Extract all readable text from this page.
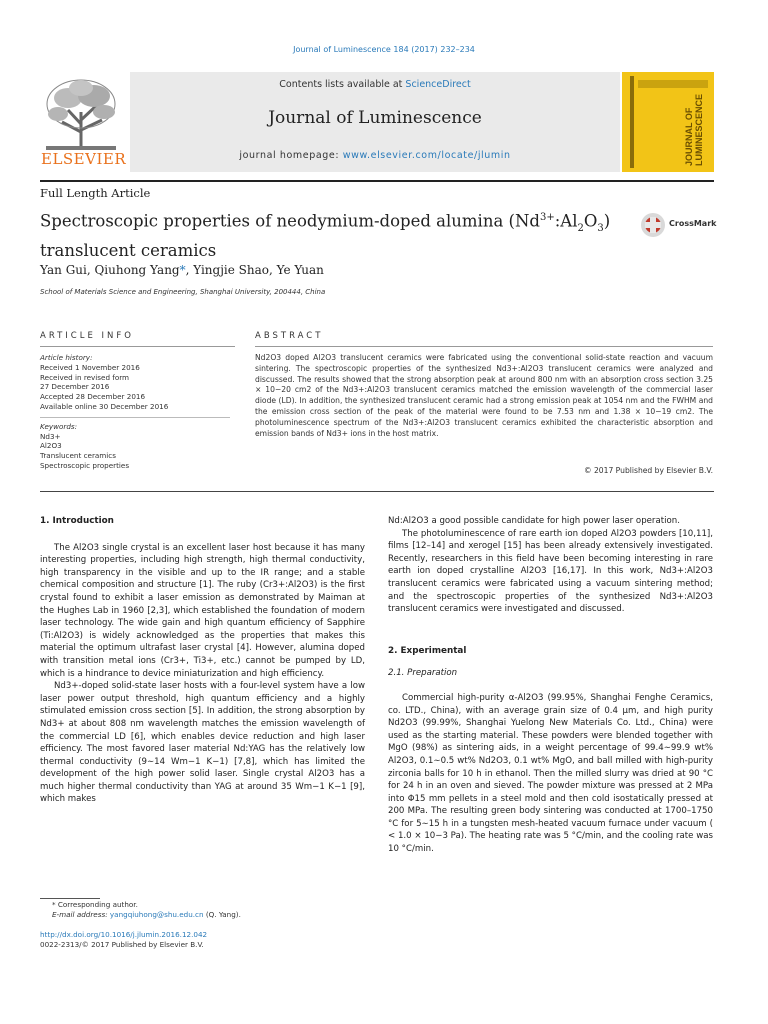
Journal of Luminescence 184 (2017) 232–234
ELSEVIER
Contents lists available at ScienceDirect
Journal of Luminescence
journal homepage: www.elsevier.com/locate/jlumin	JOURNAL OF LUMINESCENCE
Full Length Article
Spectroscopic properties of neodymium-doped alumina $(Nd^{3+}:Al_2O_3)$
translucent ceramics
CrossMark
Yan Gui, Qiuhong Yang*, Yingjie Shao, Ye Yuan
School of Materials Science and Engineering, Shanghai University, 200444, China
ARTICLE INFO	ABSTRACT
Article history:
Received 1 November 2016
Received in revised form
27 December 2016
Accepted 28 December 2016
Available online 30 December 2016
Keywords:
Nd3+
Al2O3
Translucent ceramics
Spectroscopic properties
Nd2O3 doped Al2O3 translucent ceramics were fabricated using the conventional solid-state reaction and vacuum sintering. The spectroscopic properties of the synthesized Nd3+:Al2O3 translucent ceramics were analyzed and discussed. The results showed that the strong absorption peak at around 800 nm with an absorption cross section 3.25 × 10−20 cm2 of the Nd3+:Al2O3 translucent ceramics matched the emission wavelength of the commercial laser diode (LD). In addition, the synthesized translucent ceramic had a strong emission peak at 1054 nm and the FWHM and the emission cross section of the peak of the material were found to be 7.53 nm and 1.38 × 10−19 cm2. The photoluminescence spectrum of the Nd3+:Al2O3 translucent ceramics exhibited the characteristic absorption and emission bands of Nd3+ ions in the host matrix.
© 2017 Published by Elsevier B.V.

1. Introduction

The Al2O3 single crystal is an excellent laser host because it has many interesting properties, including high strength, high thermal conductivity, high transparency in the visible and up to the IR range; and a stable chemical composition and structure [1]. The ruby (Cr3+:Al2O3) is the first crystal found to exhibit a laser emission as demonstrated by Maiman at the Hughes Lab in 1960 [2,3], which established the foundation of modern laser technology. The wide gain and high quantum efficiency of Sapphire (Ti:Al2O3) is widely acknowledged as the properties that makes this material the optimum ultrafast laser crystal [4]. However, alumina doped with transition metal ions (Cr3+, Ti3+, etc.) cannot be pumped by LD, which is a hindrance to device miniaturization and high efficiency.

Nd3+-doped solid-state laser hosts with a four-level system have a low laser power output threshold, high quantum efficiency and a highly stimulated emission cross section [5]. In addition, the strong absorption by Nd3+ at about 808 nm wavelength matches the emission wavelength of the commercial LD [6], which enables device reduction and high laser efficiency. The most favored laser material Nd:YAG has the relatively low thermal conductivity (9∼14 Wm−1 K−1) [7,8], which has limited the development of the high power solid laser. Single crystal Al2O3 has a much higher thermal conductivity than YAG at around 35 Wm−1 K−1 [9], which makes

* Corresponding author.
E-mail address: yangqiuhong@shu.edu.cn (Q. Yang).
http://dx.doi.org/10.1016/j.jlumin.2016.12.042
0022-2313/© 2017 Published by Elsevier B.V.

Nd:Al2O3 a good possible candidate for high power laser operation.

The photoluminescence of rare earth ion doped Al2O3 powders [10,11], films [12–14] and xerogel [15] has been already extensively investigated. Recently, researchers in this field have been becoming interesting in rare earth ion doped crystalline Al2O3 [16,17]. In this work, Nd3+:Al2O3 translucent ceramics were fabricated using a vacuum sintering method; and the spectroscopic properties of the synthesized Nd3+:Al2O3 translucent ceramics were investigated and discussed.

2. Experimental

2.1. Preparation

Commercial high-purity α-Al2O3 (99.95%, Shanghai Fenghe Ceramics, co. LTD., China), with an average grain size of 0.4 μm, and high purity Nd2O3 (99.99%, Shanghai Yuelong New Materials Co. Ltd., China) were used as the starting material. These powders were blended together with MgO (98%) as sintering aids, in a weight percentage of 99.4∼99.9 wt% Al2O3, 0.1∼0.5 wt% Nd2O3, 0.1 wt% MgO, and ball milled with high-purity zirconia balls for 10 h in ethanol. Then the milled slurry was dried at 90 °C for 24 h in an oven and sieved. The powder mixture was pressed at 2 MPa into Φ15 mm pellets in a steel mold and then cold isostatically pressed at 200 MPa. The resulting green body sintering was conducted at 1700–1750 °C for 5∼15 h in a tungsten mesh-heated vacuum furnace under vacuum ( < 1.0 × 10−3 Pa). The heating rate was 5 °C/min, and the cooling rate was 10 °C/min.
